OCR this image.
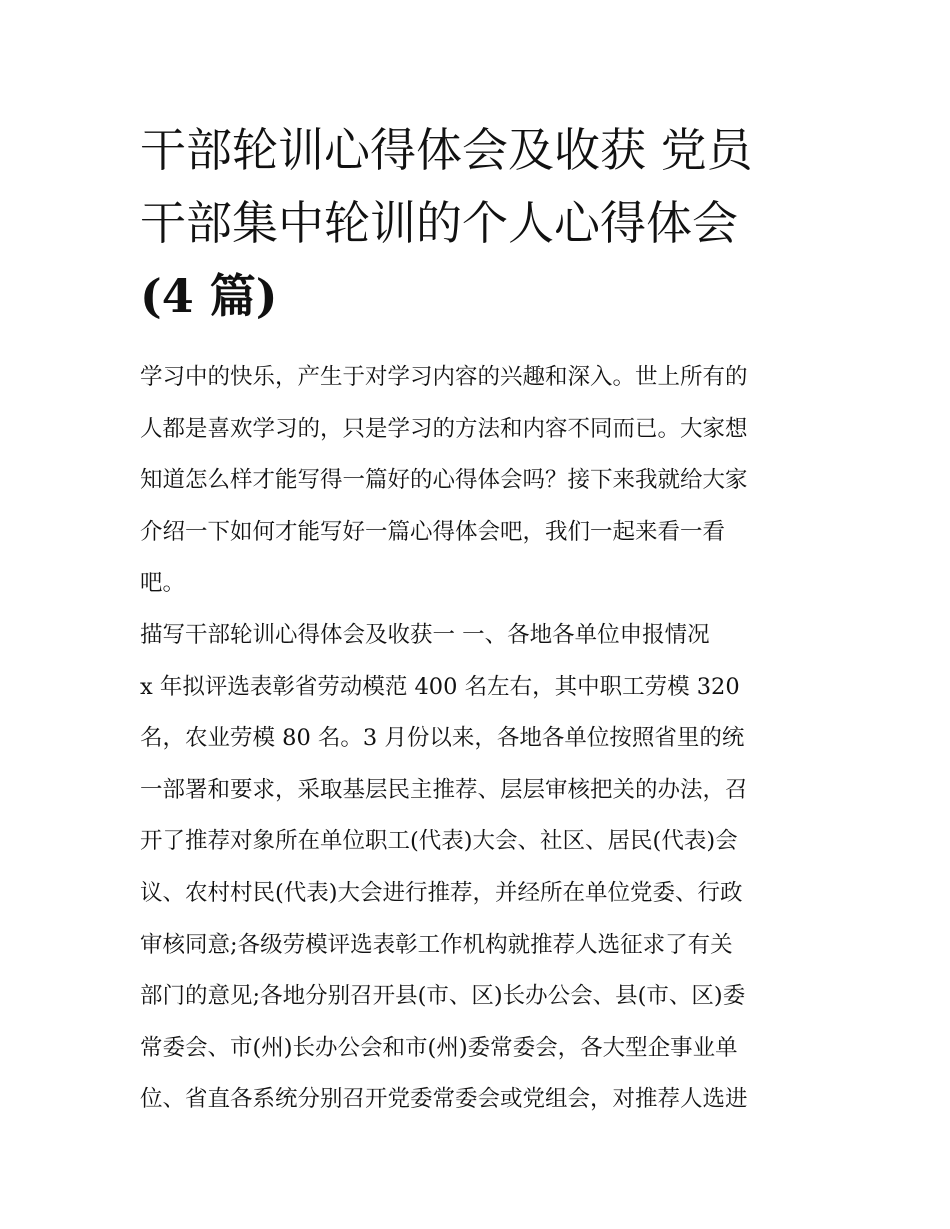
干部轮训心得体会及收获 党员
干部集中轮训的个人心得体会
(4 篇)
学习中的快乐，产生于对学习内容的兴趣和深入。世上所有的
人都是喜欢学习的，只是学习的方法和内容不同而已。大家想
知道怎么样才能写得一篇好的心得体会吗？接下来我就给大家
介绍一下如何才能写好一篇心得体会吧，我们一起来看一看
吧。
描写干部轮训心得体会及收获一 一、各地各单位申报情况
x 年拟评选表彰省劳动模范 400 名左右，其中职工劳模 320
名，农业劳模 80 名。3 月份以来，各地各单位按照省里的统
一部署和要求，采取基层民主推荐、层层审核把关的办法，召
开了推荐对象所在单位职工(代表)大会、社区、居民(代表)会
议、农村村民(代表)大会进行推荐，并经所在单位党委、行政
审核同意;各级劳模评选表彰工作机构就推荐人选征求了有关
部门的意见;各地分别召开县(市、区)长办公会、县(市、区)委
常委会、市(州)长办公会和市(州)委常委会，各大型企事业单
位、省直各系统分别召开党委常委会或党组会，对推荐人选进
